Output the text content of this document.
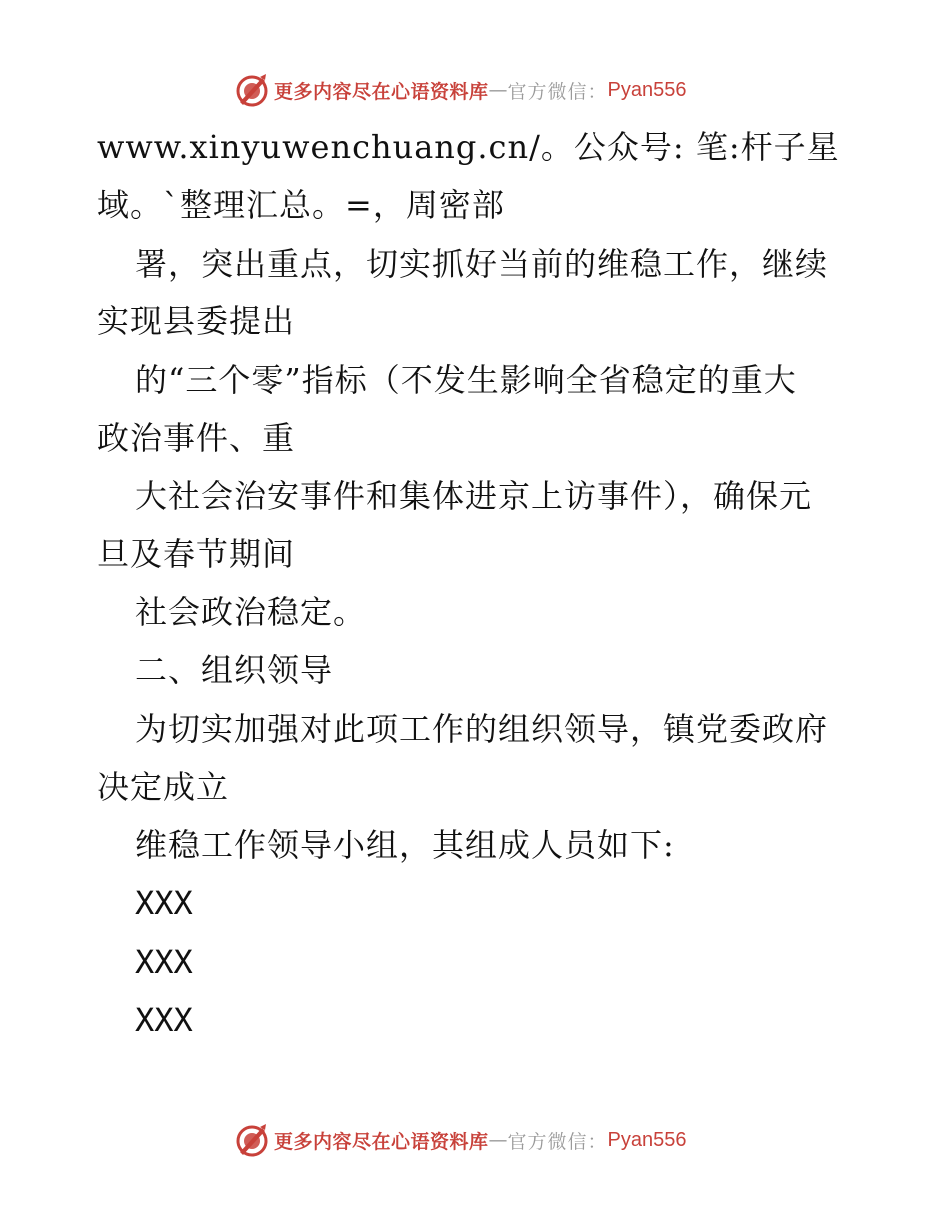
更多内容尽在心语资料库 — 官方微信： Pyan556
www.xinyuwenchuang.cn/。公众号: 笔:杆子星
域。`整理汇总。=，周密部
署，突出重点，切实抓好当前的维稳工作，继续
实现县委提出
的“三个零”指标（不发生影响全省稳定的重大
政治事件、重
大社会治安事件和集体进京上访事件），确保元
旦及春节期间
社会政治稳定。
二、组织领导
为切实加强对此项工作的组织领导，镇党委政府
决定成立
维稳工作领导小组，其组成人员如下:
XXX
XXX
XXX
更多内容尽在心语资料库 — 官方微信： Pyan556
